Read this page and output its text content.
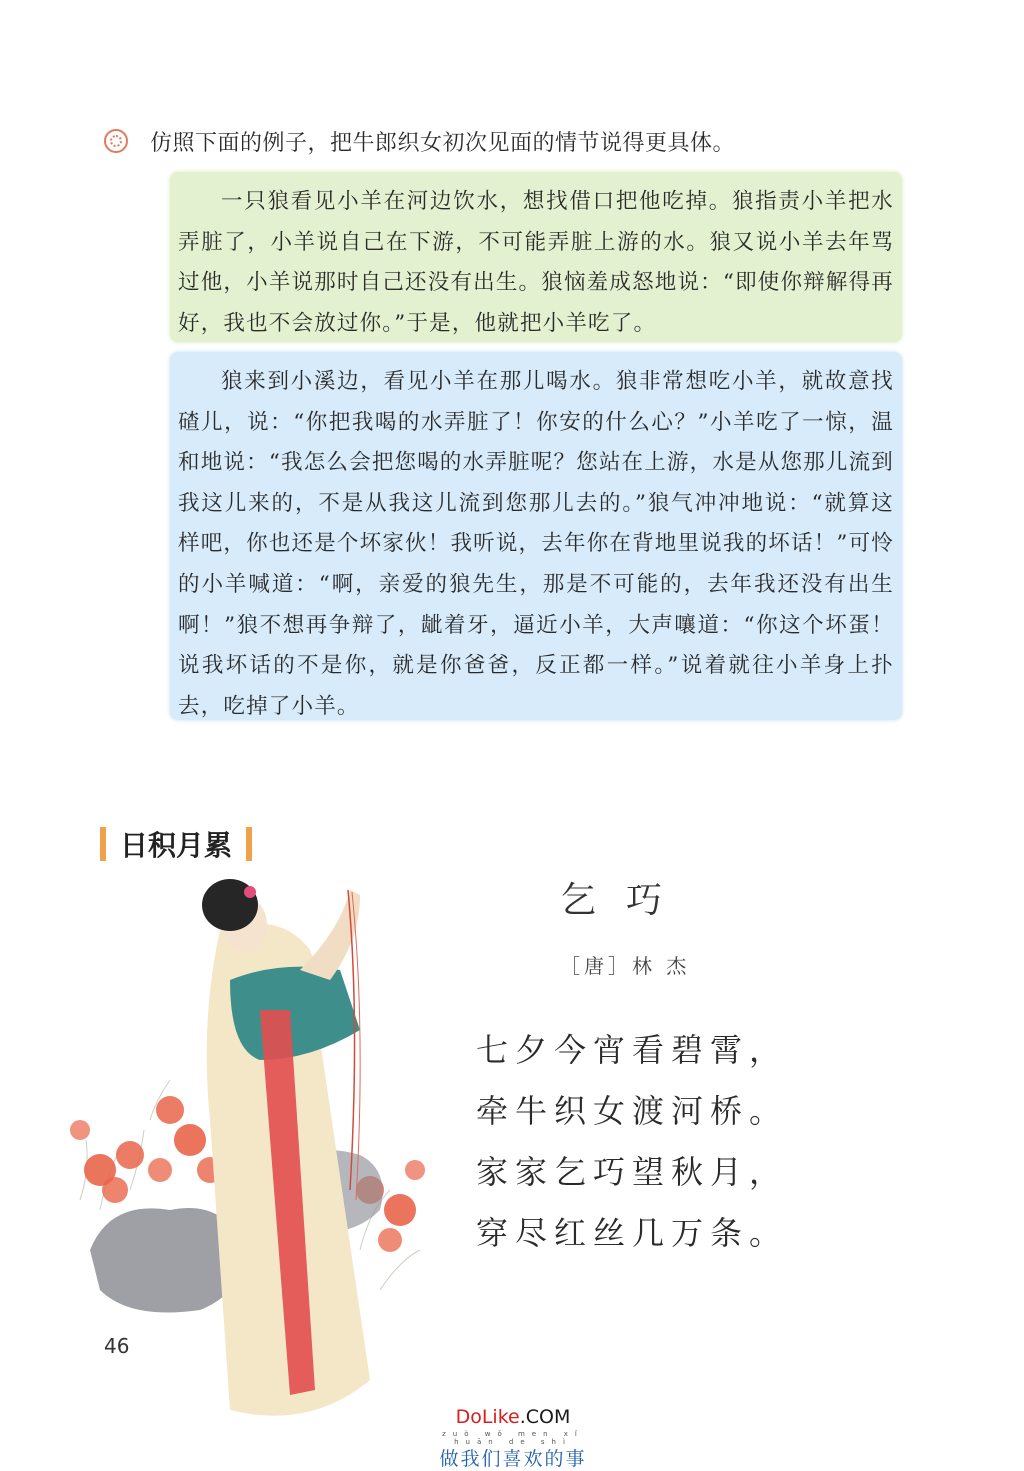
仿照下面的例子，把牛郎织女初次见面的情节说得更具体。

一只狼看见小羊在河边饮水，想找借口把他吃掉。狼指责小羊把水弄脏了，小羊说自己在下游，不可能弄脏上游的水。狼又说小羊去年骂过他，小羊说那时自己还没有出生。狼恼羞成怒地说：“即使你辩解得再好，我也不会放过你。”于是，他就把小羊吃了。

狼来到小溪边，看见小羊在那儿喝水。狼非常想吃小羊，就故意找碴儿，说：“你把我喝的水弄脏了！你安的什么心？”小羊吃了一惊，温和地说：“我怎么会把您喝的水弄脏呢？您站在上游，水是从您那儿流到我这儿来的，不是从我这儿流到您那儿去的。”狼气冲冲地说：“就算这样吧，你也还是个坏家伙！我听说，去年你在背地里说我的坏话！”可怜的小羊喊道：“啊，亲爱的狼先生，那是不可能的，去年我还没有出生啊！”狼不想再争辩了，龇着牙，逼近小羊，大声嚷道：“你这个坏蛋！说我坏话的不是你，就是你爸爸，反正都一样。”说着就往小羊身上扑去，吃掉了小羊。

日积月累
乞巧
［唐］林 杰
七夕今宵看碧霄，
牵牛织女渡河桥。
家家乞巧望秋月，
穿尽红丝几万条。
46
DoLike.COM
zuò wǒ men xǐ huān de shì
做我们喜欢的事
